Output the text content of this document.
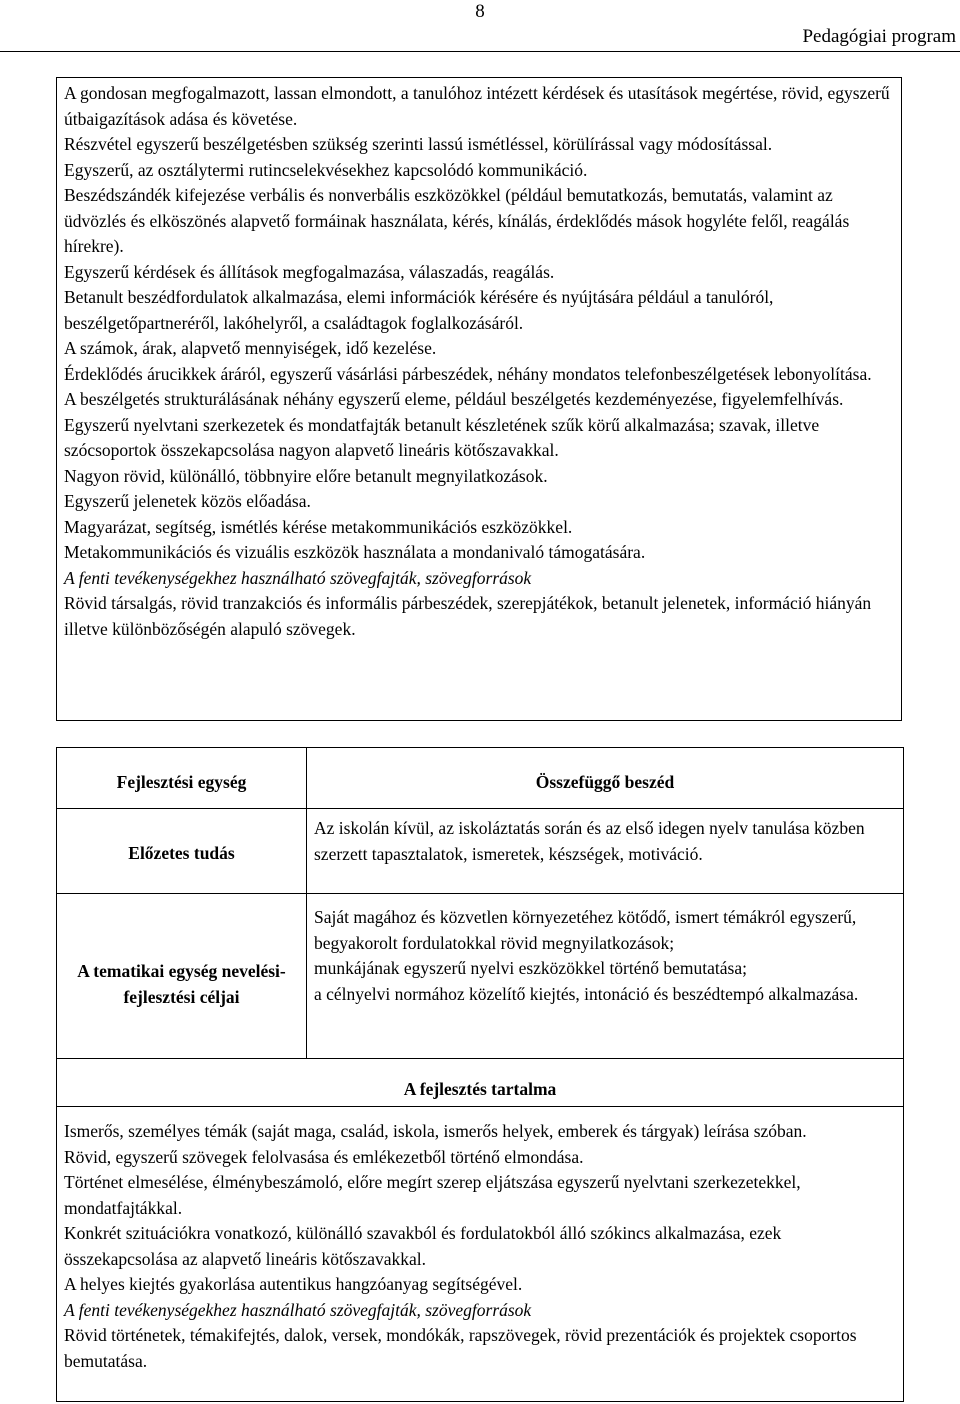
8
Pedagógiai program

A gondosan megfogalmazott, lassan elmondott, a tanulóhoz intézett kérdések és utasítások megértése, rövid, egyszerű útbaigazítások adása és követése.

Részvétel egyszerű beszélgetésben szükség szerinti lassú ismétléssel, körülírással vagy módosítással.

Egyszerű, az osztálytermi rutincselekvésekhez kapcsolódó kommunikáció.

Beszédszándék kifejezése verbális és nonverbális eszközökkel (például bemutatkozás, bemutatás, valamint az üdvözlés és elköszönés alapvető formáinak használata, kérés, kínálás, érdeklődés mások hogyléte felől, reagálás hírekre).

Egyszerű kérdések és állítások megfogalmazása, válaszadás, reagálás.

Betanult beszédfordulatok alkalmazása, elemi információk kérésére és nyújtására például a tanulóról, beszélgetőpartneréről, lakóhelyről, a családtagok foglalkozásáról.

A számok, árak, alapvető mennyiségek, idő kezelése.

Érdeklődés árucikkek áráról, egyszerű vásárlási párbeszédek, néhány mondatos telefonbeszélgetések lebonyolítása.

A beszélgetés strukturálásának néhány egyszerű eleme, például beszélgetés kezdeményezése, figyelemfelhívás.

Egyszerű nyelvtani szerkezetek és mondatfajták betanult készletének szűk körű alkalmazása; szavak, illetve szócsoportok összekapcsolása nagyon alapvető lineáris kötőszavakkal.

Nagyon rövid, különálló, többnyire előre betanult megnyilatkozások.

Egyszerű jelenetek közös előadása.

Magyarázat, segítség, ismétlés kérése metakommunikációs eszközökkel.

Metakommunikációs és vizuális eszközök használata a mondanivaló támogatására.

A fenti tevékenységekhez használható szövegfajták, szövegforrások

Rövid társalgás, rövid tranzakciós és informális párbeszédek, szerepjátékok, betanult jelenetek, információ hiányán illetve különbözőségén alapuló szövegek.

Fejlesztési egység	Összefüggő beszéd
Előzetes tudás
Az iskolán kívül, az iskoláztatás során és az első idegen nyelv tanulása közben szerzett tapasztalatok, ismeretek, készségek, motiváció.
A tematikai egység nevelési-fejlesztési céljai

Saját magához és közvetlen környezetéhez kötődő, ismert témákról egyszerű, begyakorolt fordulatokkal rövid megnyilatkozások;

munkájának egyszerű nyelvi eszközökkel történő bemutatása;

a célnyelvi normához közelítő kiejtés, intonáció és beszédtempó alkalmazása.

A fejlesztés tartalma

Ismerős, személyes témák (saját maga, család, iskola, ismerős helyek, emberek és tárgyak) leírása szóban.

Rövid, egyszerű szövegek felolvasása és emlékezetből történő elmondása.

Történet elmesélése, élménybeszámoló, előre megírt szerep eljátszása egyszerű nyelvtani szerkezetekkel, mondatfajtákkal.

Konkrét szituációkra vonatkozó, különálló szavakból és fordulatokból álló szókincs alkalmazása, ezek összekapcsolása az alapvető lineáris kötőszavakkal.

A helyes kiejtés gyakorlása autentikus hangzóanyag segítségével.

A fenti tevékenységekhez használható szövegfajták, szövegforrások

Rövid történetek, témakifejtés, dalok, versek, mondókák, rapszövegek, rövid prezentációk és projektek csoportos bemutatása.
